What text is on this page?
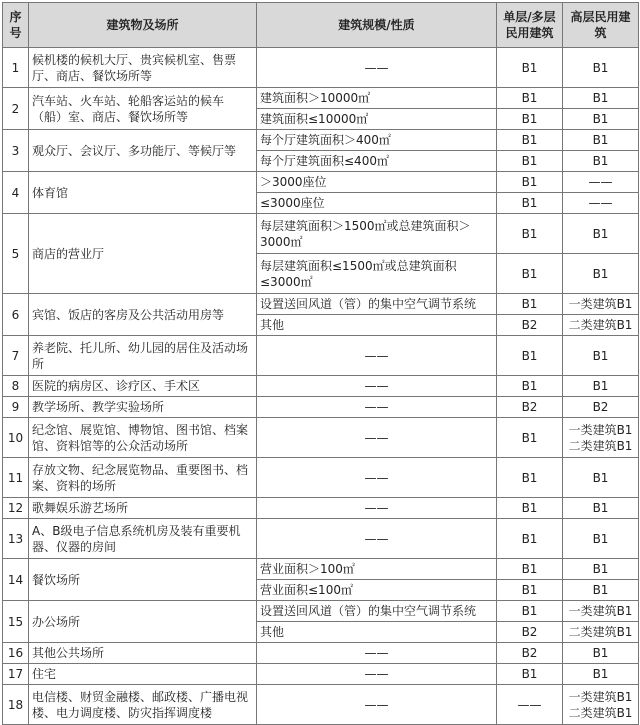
序号	建筑物及场所	建筑规模/性质	单层/多层民用建筑	高层民用建筑
1	候机楼的候机大厅、贵宾候机室、售票厅、商店、餐饮场所等	——	B1	B1
2	汽车站、火车站、轮船客运站的候车（船）室、商店、餐饮场所等	建筑面积＞10000㎡	B1	B1
		建筑面积≤10000㎡	B1	B1
3	观众厅、会议厅、多功能厅、等候厅等	每个厅建筑面积＞400㎡	B1	B1
		每个厅建筑面积≤400㎡	B1	B1
4	体育馆	＞3000座位	B1	——
		≤3000座位	B1	——
5	商店的营业厅	每层建筑面积＞1500㎡或总建筑面积＞3000㎡	B1	B1
		每层建筑面积≤1500㎡或总建筑面积≤3000㎡	B1	B1
6	宾馆、饭店的客房及公共活动用房等	设置送回风道（管）的集中空气调节系统	B1	一类建筑B1
		其他	B2	二类建筑B1
7	养老院、托儿所、幼儿园的居住及活动场所	——	B1	B1
8	医院的病房区、诊疗区、手术区	——	B1	B1
9	教学场所、教学实验场所	——	B2	B2
10	纪念馆、展览馆、博物馆、图书馆、档案馆、资料馆等的公众活动场所	——	B1	一类建筑B1
二类建筑B1
11	存放文物、纪念展览物品、重要图书、档案、资料的场所	——	B1	B1
12	歌舞娱乐游艺场所	——	B1	B1
13	A、B级电子信息系统机房及装有重要机器、仪器的房间	——	B1	B1
14	餐饮场所	营业面积＞100㎡	B1	B1
		营业面积≤100㎡	B1	B1
15	办公场所	设置送回风道（管）的集中空气调节系统	B1	一类建筑B1
		其他	B2	二类建筑B1
16	其他公共场所	——	B2	B1
17	住宅	——	B1	B1
18	电信楼、财贸金融楼、邮政楼、广播电视楼、电力调度楼、防灾指挥调度楼	——	——	一类建筑B1
二类建筑B1
